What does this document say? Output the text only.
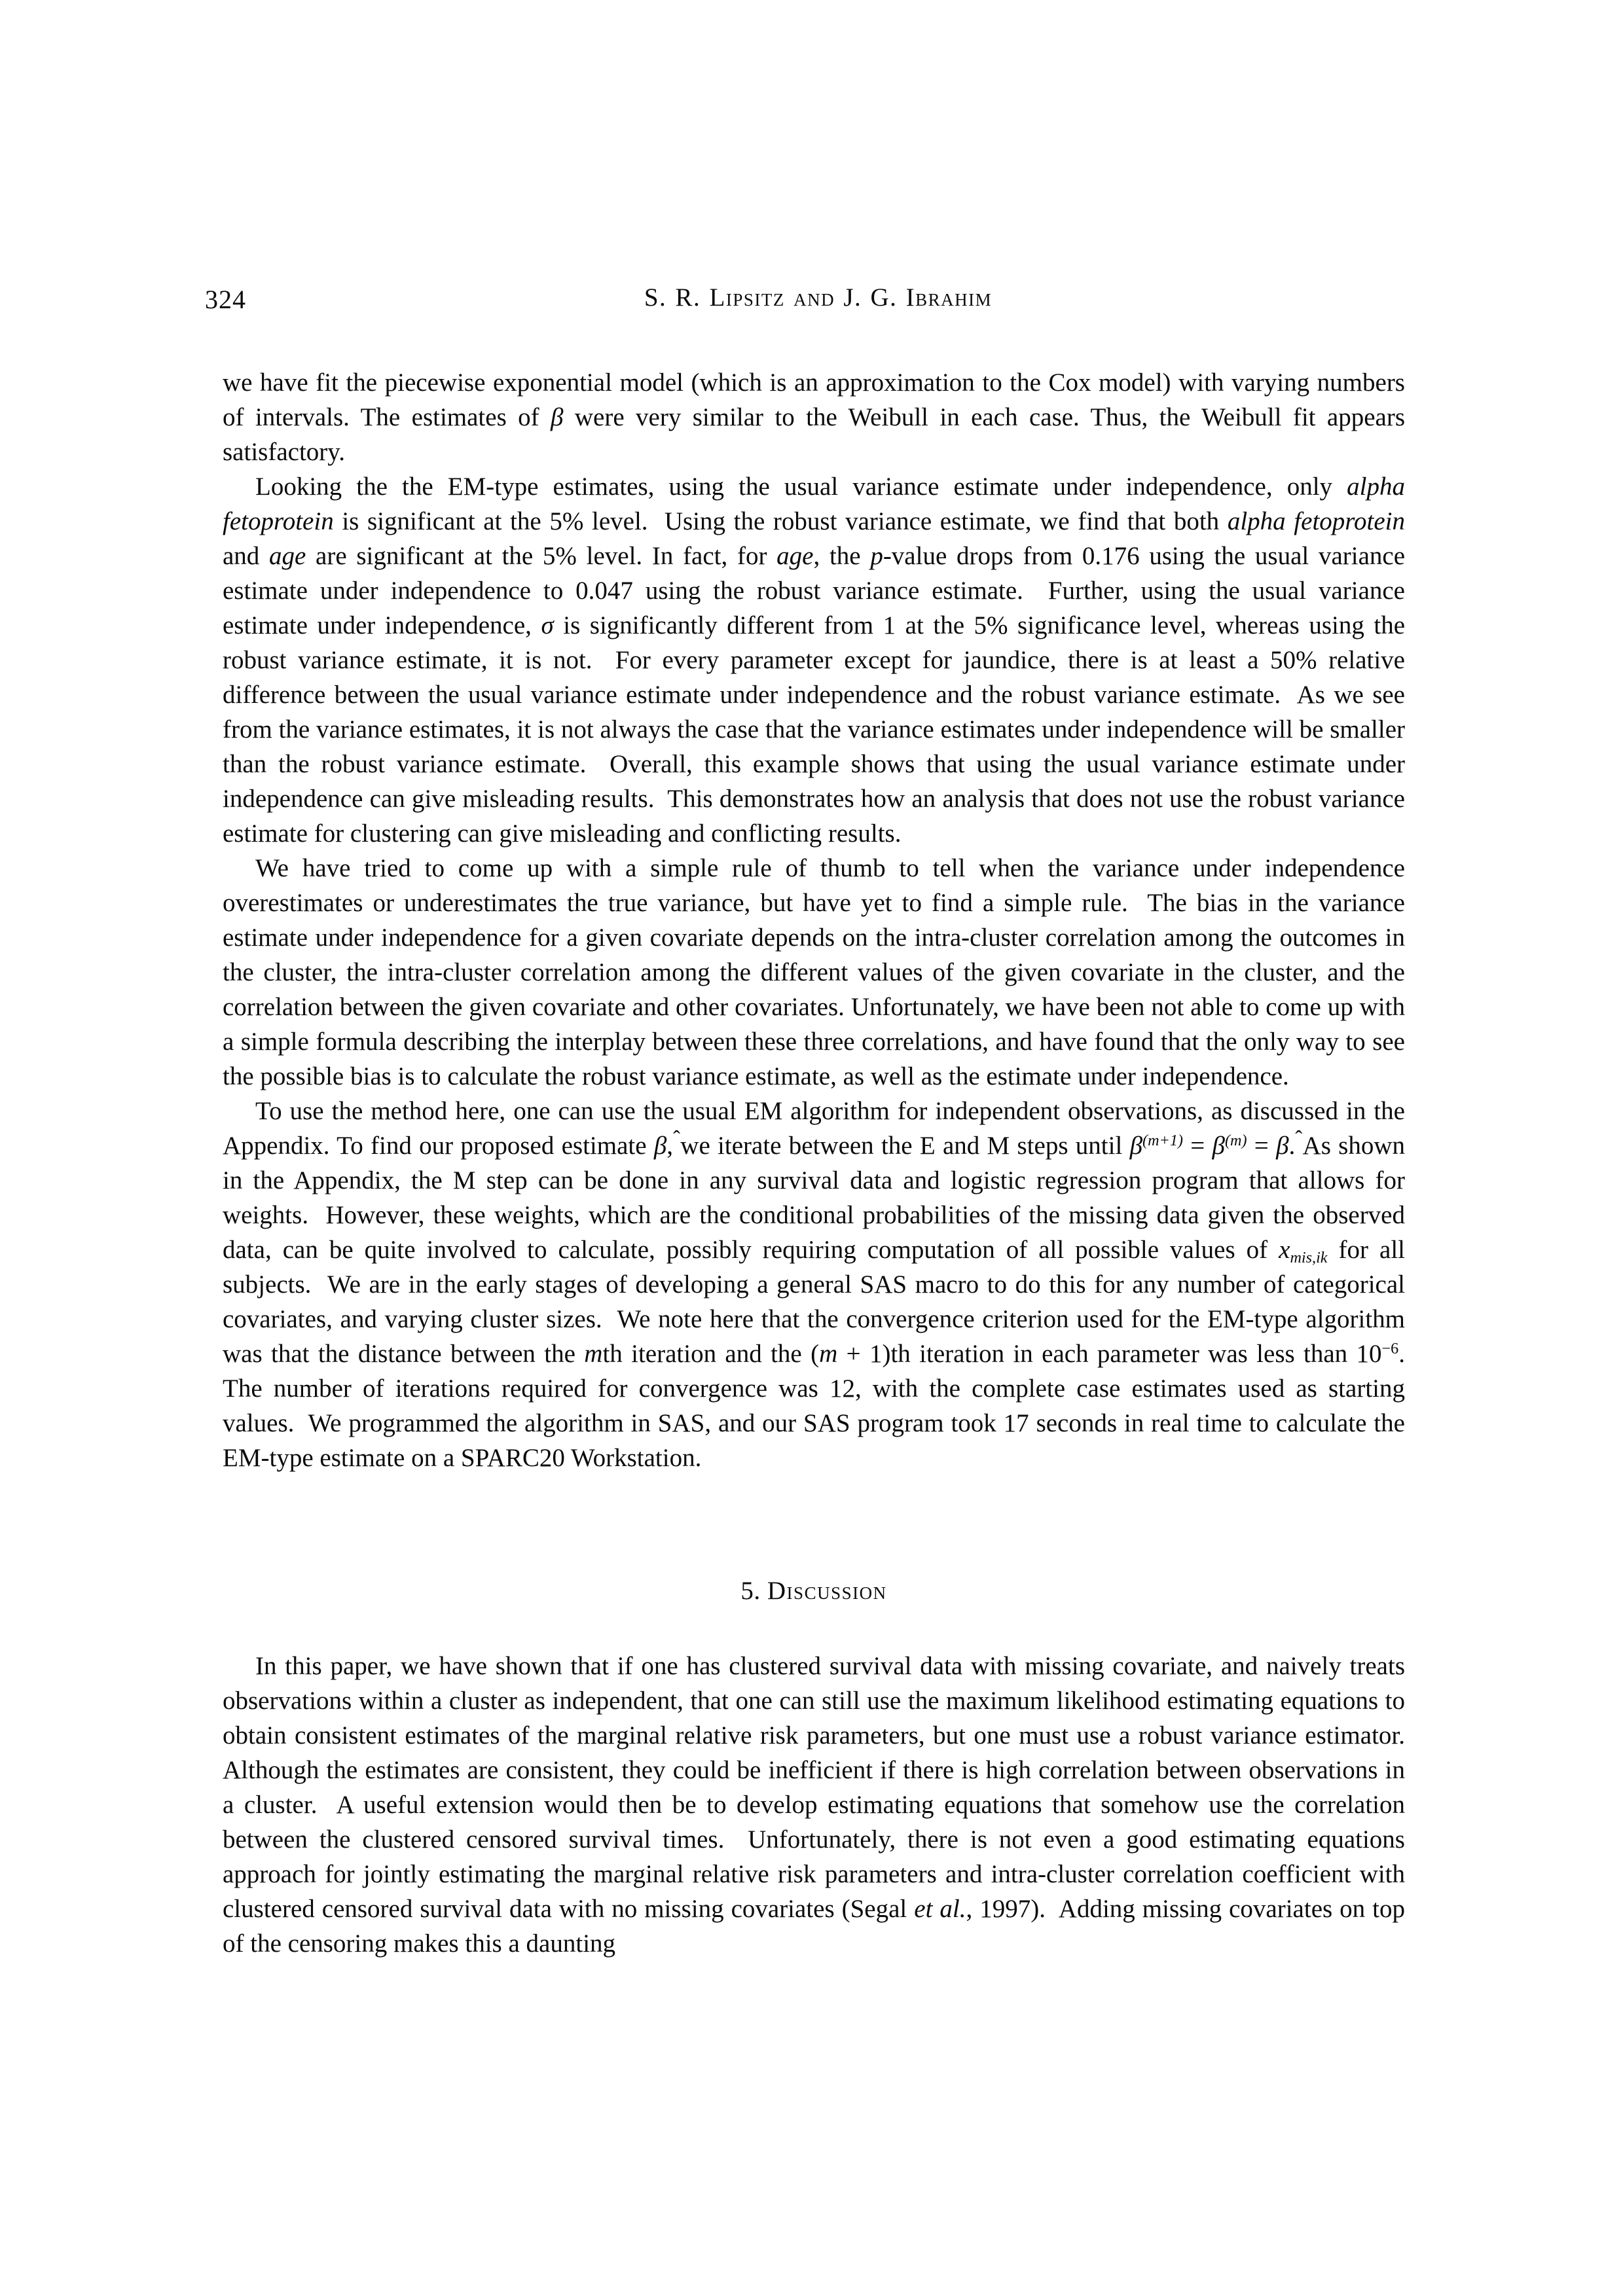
324	S. R. Lipsitz and J. G. Ibrahim

we have fit the piecewise exponential model (which is an approximation to the Cox model) with varying numbers of intervals. The estimates of β were very similar to the Weibull in each case. Thus, the Weibull fit appears satisfactory.

Looking the the EM-type estimates, using the usual variance estimate under independence, only alpha fetoprotein is significant at the 5% level.  Using the robust variance estimate, we find that both alpha fetoprotein and age are significant at the 5% level. In fact, for age, the p-value drops from 0.176 using the usual variance estimate under independence to 0.047 using the robust variance estimate.  Further, using the usual variance estimate under independence, σ is significantly different from 1 at the 5% significance level, whereas using the robust variance estimate, it is not.  For every parameter except for jaundice, there is at least a 50% relative difference between the usual variance estimate under independence and the robust variance estimate.  As we see from the variance estimates, it is not always the case that the variance estimates under independence will be smaller than the robust variance estimate.  Overall, this example shows that using the usual variance estimate under independence can give misleading results.  This demonstrates how an analysis that does not use the robust variance estimate for clustering can give misleading and conflicting results.

We have tried to come up with a simple rule of thumb to tell when the variance under independence overestimates or underestimates the true variance, but have yet to find a simple rule.  The bias in the variance estimate under independence for a given covariate depends on the intra-cluster correlation among the outcomes in the cluster, the intra-cluster correlation among the different values of the given covariate in the cluster, and the correlation between the given covariate and other covariates. Unfortunately, we have been not able to come up with a simple formula describing the interplay between these three correlations, and have found that the only way to see the possible bias is to calculate the robust variance estimate, as well as the estimate under independence.

To use the method here, one can use the usual EM algorithm for independent observations, as discussed in the Appendix. To find our proposed estimate β ˆ, we iterate between the E and M steps until $\beta^{(m+1)} = \beta^{(m)} = \beta$ ˆ. As shown in the Appendix, the M step can be done in any survival data and logistic regression program that allows for weights.  However, these weights, which are the conditional probabilities of the missing data given the observed data, can be quite involved to calculate, possibly requiring computation of all possible values of xmis,ik for all subjects.  We are in the early stages of developing a general SAS macro to do this for any number of categorical covariates, and varying cluster sizes.  We note here that the convergence criterion used for the EM-type algorithm was that the distance between the mth iteration and the (m + 1)th iteration in each parameter was less than $10^{-6}$.  The number of iterations required for convergence was 12, with the complete case estimates used as starting values.  We programmed the algorithm in SAS, and our SAS program took 17 seconds in real time to calculate the EM-type estimate on a SPARC20 Workstation.

5. Discussion

In this paper, we have shown that if one has clustered survival data with missing covariate, and naively treats observations within a cluster as independent, that one can still use the maximum likelihood estimating equations to obtain consistent estimates of the marginal relative risk parameters, but one must use a robust variance estimator.  Although the estimates are consistent, they could be inefficient if there is high correlation between observations in a cluster.  A useful extension would then be to develop estimating equations that somehow use the correlation between the clustered censored survival times.  Unfortunately, there is not even a good estimating equations approach for jointly estimating the marginal relative risk parameters and intra-cluster correlation coefficient with clustered censored survival data with no missing covariates (Segal et al., 1997).  Adding missing covariates on top of the censoring makes this a daunting
